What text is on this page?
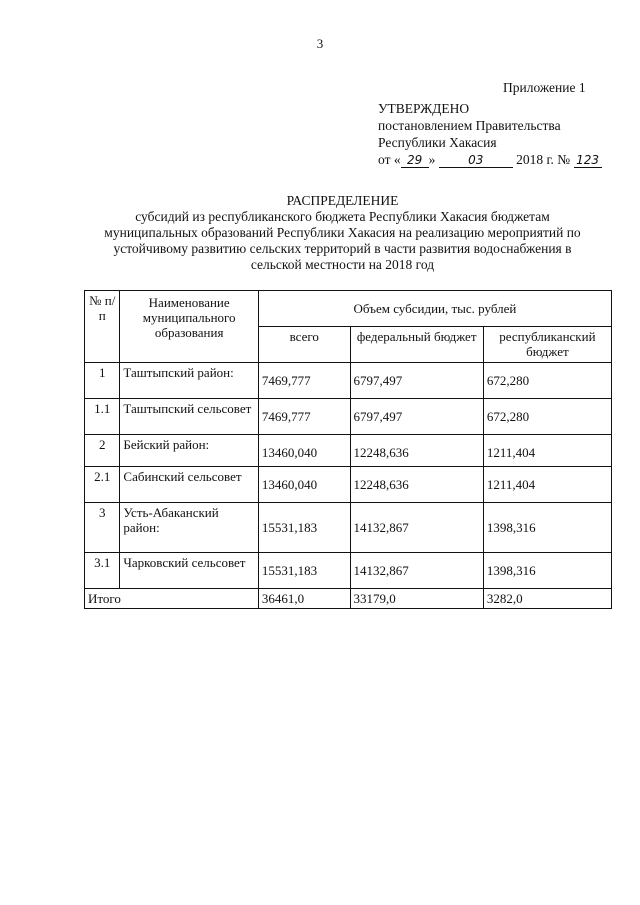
3
Приложение 1
УТВЕРЖДЕНО
постановлением Правительства
Республики Хакасия
от « 29 »	03 2018 г. № 123
РАСПРЕДЕЛЕНИЕ
субсидий из республиканского бюджета Республики Хакасия бюджетам
муниципальных образований Республики Хакасия на реализацию мероприятий по
устойчивому развитию сельских территорий в части развития водоснабжения в
сельской местности на 2018 год
№ п/п	Наименование муниципального образования	Объем субсидии, тыс. рублей		
		всего	федеральный бюджет	республиканский бюджет
1	Таштыпский район:	7469,777	6797,497	672,280
1.1	Таштыпский сельсовет	7469,777	6797,497	672,280
2	Бейский район:	13460,040	12248,636	1211,404
2.1	Сабинский сельсовет	13460,040	12248,636	1211,404
3	Усть-Абаканский район:	15531,183	14132,867	1398,316
3.1	Чарковский сельсовет	15531,183	14132,867	1398,316
Итого		36461,0	33179,0	3282,0
